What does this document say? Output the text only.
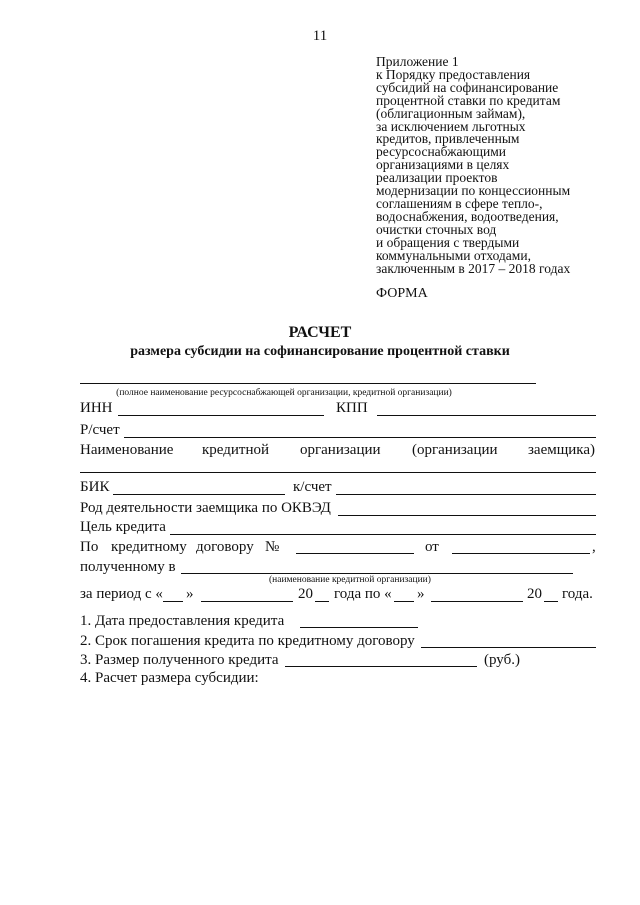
11
Приложение 1
к Порядку предоставления
субсидий на софинансирование
процентной ставки по кредитам
(облигационным займам),
за исключением льготных
кредитов, привлеченным
ресурсоснабжающими
организациями в целях
реализации проектов
модернизации по концессионным
соглашениям в сфере тепло-,
водоснабжения, водоотведения,
очистки сточных вод
и обращения с твердыми
коммунальными отходами,
заключенным в 2017 – 2018 годах
ФОРМА
РАСЧЕТ
размера субсидии на софинансирование процентной ставки
(полное наименование ресурсоснабжающей организации, кредитной организации)
ИНН	КПП
Р/счет
Наименование кредитной организации (организации заемщика)
БИК	к/счет
Род деятельности заемщика по ОКВЭД
Цель кредита
По кредитному договору №	от	,
полученному в
(наименование кредитной организации)
за период с « »	20 года по « »	20 года.
1. Дата предоставления кредита
2. Срок погашения кредита по кредитному договору
3. Размер полученного кредита	(руб.)
4. Расчет размера субсидии:
